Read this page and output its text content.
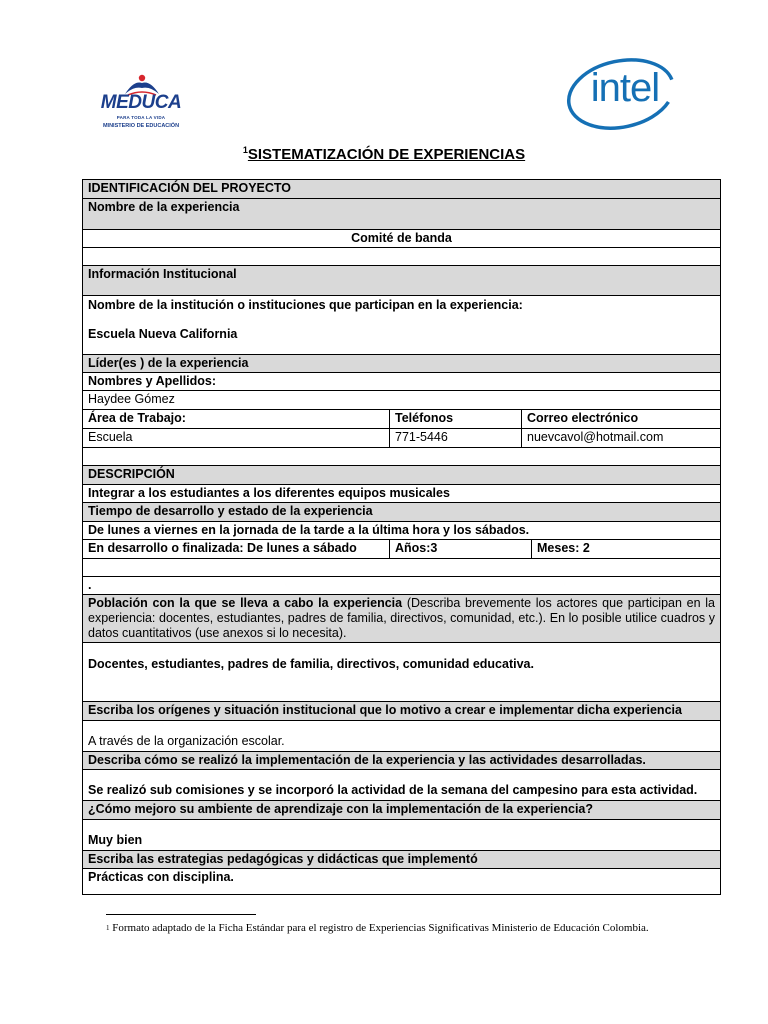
MEDUCA
PARA TODA LA VIDA
MINISTERIO DE EDUCACIÓN
intel
$^1$SISTEMATIZACIÓN DE EXPERIENCIAS
IDENTIFICACIÓN DEL PROYECTO
Nombre de la experiencia
Comité de banda
Información Institucional
Nombre de la institución o instituciones que participan en la experiencia:
Escuela Nueva California
Líder(es ) de la experiencia
Nombres y Apellidos:
Haydee Gómez
Área de Trabajo:	Teléfonos	Correo electrónico
Escuela	771-5446	nuevcavol@hotmail.com
DESCRIPCIÓN
Integrar a los estudiantes a los diferentes equipos musicales
Tiempo de desarrollo y estado de la experiencia
De lunes a viernes en la jornada de la tarde a la última hora y los sábados.
En desarrollo o finalizada: De lunes a sábado	Años:3	Meses: 2
.
Población con la que se lleva a cabo la experiencia (Describa brevemente los actores que participan en la experiencia: docentes, estudiantes, padres de familia, directivos, comunidad, etc.). En lo posible utilice cuadros y datos cuantitativos (use anexos si lo necesita).
Docentes, estudiantes, padres de familia, directivos, comunidad educativa.
Escriba los orígenes y situación institucional que lo motivo a crear e implementar dicha experiencia
A través de la organización escolar.
Describa cómo se realizó la implementación de la experiencia y las actividades desarrolladas.
Se realizó sub comisiones y se incorporó la actividad de la semana del campesino para esta actividad.
¿Cómo mejoro su ambiente de aprendizaje con la implementación de la experiencia?
Muy bien
Escriba las estrategias pedagógicas y didácticas que implementó
Prácticas con disciplina.
$^1$ Formato adaptado de la Ficha Estándar para el registro de Experiencias Significativas Ministerio de Educación Colombia.
